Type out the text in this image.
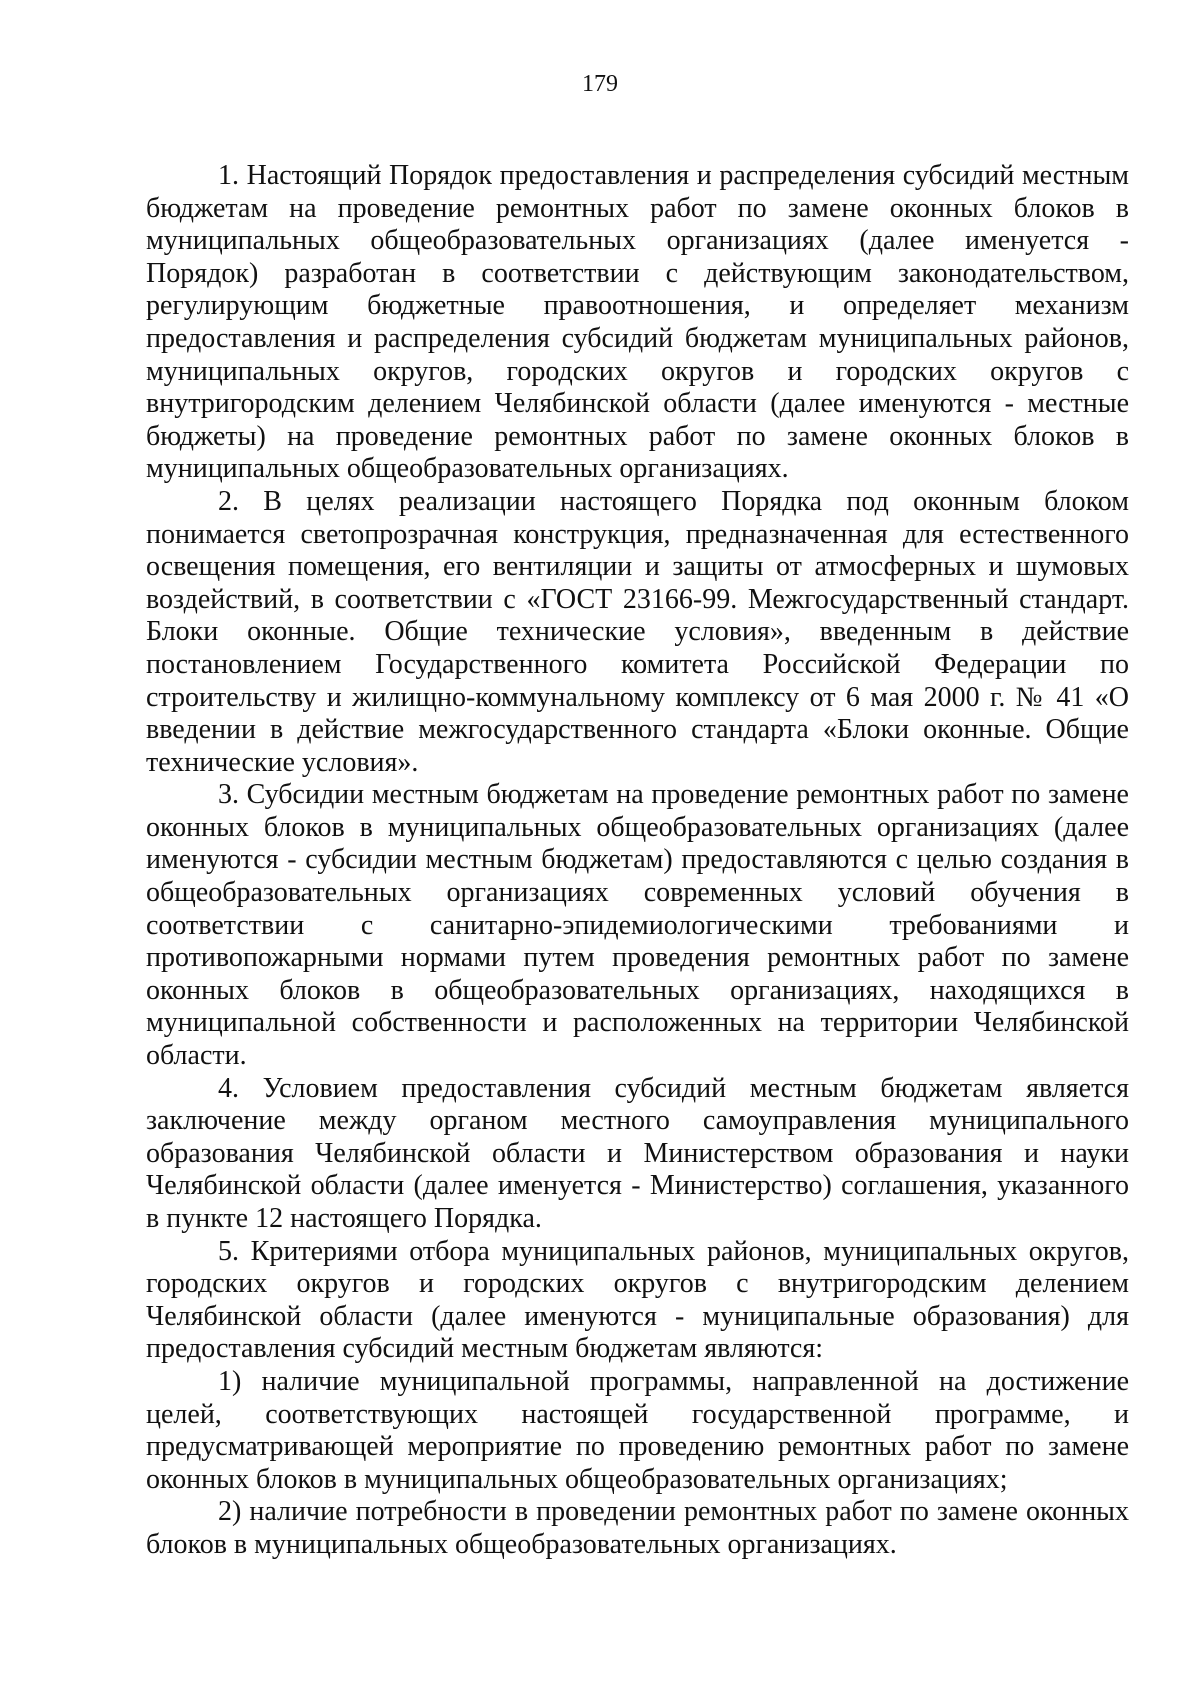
179

1. Настоящий Порядок предоставления и распределения субсидий местным бюджетам на проведение ремонтных работ по замене оконных блоков в муниципальных общеобразовательных организациях (далее именуется - Порядок) разработан в соответствии с действующим законодательством, регулирующим бюджетные правоотношения, и определяет механизм предоставления и распределения субсидий бюджетам муниципальных районов, муниципальных округов, городских округов и городских округов с внутригородским делением Челябинской области (далее именуются - местные бюджеты) на проведение ремонтных работ по замене оконных блоков в муниципальных общеобразовательных организациях.

2. В целях реализации настоящего Порядка под оконным блоком понимается светопрозрачная конструкция, предназначенная для естественного освещения помещения, его вентиляции и защиты от атмосферных и шумовых воздействий, в соответствии с «ГОСТ 23166-99. Межгосударственный стандарт. Блоки оконные. Общие технические условия», введенным в действие постановлением Государственного комитета Российской Федерации по строительству и жилищно-коммунальному комплексу от 6 мая 2000 г. № 41 «О введении в действие межгосударственного стандарта «Блоки оконные. Общие технические условия».

3. Субсидии местным бюджетам на проведение ремонтных работ по замене оконных блоков в муниципальных общеобразовательных организациях (далее именуются - субсидии местным бюджетам) предоставляются с целью создания в общеобразовательных организациях современных условий обучения в соответствии с санитарно-эпидемиологическими требованиями и противопожарными нормами путем проведения ремонтных работ по замене оконных блоков в общеобразовательных организациях, находящихся в муниципальной собственности и расположенных на территории Челябинской области.

4. Условием предоставления субсидий местным бюджетам является заключение между органом местного самоуправления муниципального образования Челябинской области и Министерством образования и науки Челябинской области (далее именуется - Министерство) соглашения, указанного в пункте 12 настоящего Порядка.

5. Критериями отбора муниципальных районов, муниципальных округов, городских округов и городских округов с внутригородским делением Челябинской области (далее именуются - муниципальные образования) для предоставления субсидий местным бюджетам являются:

1) наличие муниципальной программы, направленной на достижение целей, соответствующих настоящей государственной программе, и предусматривающей мероприятие по проведению ремонтных работ по замене оконных блоков в муниципальных общеобразовательных организациях;

2) наличие потребности в проведении ремонтных работ по замене оконных блоков в муниципальных общеобразовательных организациях.
